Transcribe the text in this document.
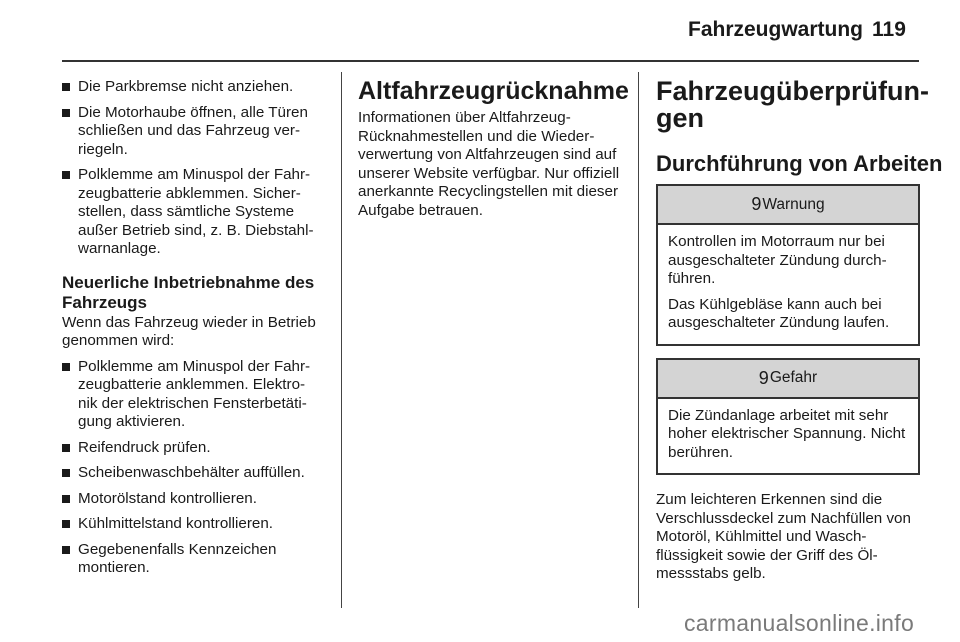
Fahrzeugwartung 119
Die Parkbremse nicht anziehen.
Die Motorhaube öffnen, alle Türen schließen und das Fahrzeug ver-riegeln.
Polklemme am Minuspol der Fahr-zeugbatterie abklemmen. Sicher-stellen, dass sämtliche Systeme außer Betrieb sind, z. B. Diebstahl-warnanlage.
Neuerliche Inbetriebnahme des Fahrzeugs

Wenn das Fahrzeug wieder in Betrieb genommen wird:

Polklemme am Minuspol der Fahr-zeugbatterie anklemmen. Elektro-nik der elektrischen Fensterbetäti-gung aktivieren.
Reifendruck prüfen.
Scheibenwaschbehälter auffüllen.
Motorölstand kontrollieren.
Kühlmittelstand kontrollieren.
Gegebenenfalls Kennzeichen montieren.
Altfahrzeugrücknahme

Informationen über Altfahrzeug-Rücknahmestellen und die Wieder-verwertung von Altfahrzeugen sind auf unserer Website verfügbar. Nur offiziell anerkannte Recyclingstellen mit dieser Aufgabe betrauen.

Fahrzeugüberprüfun-gen
Durchführung von Arbeiten
9 Warnung

Kontrollen im Motorraum nur bei ausgeschalteter Zündung durch-führen.

Das Kühlgebläse kann auch bei ausgeschalteter Zündung laufen.

9 Gefahr

Die Zündanlage arbeitet mit sehr hoher elektrischer Spannung. Nicht berühren.

Zum leichteren Erkennen sind die Verschlussdeckel zum Nachfüllen von Motoröl, Kühlmittel und Wasch-flüssigkeit sowie der Griff des Öl-messstabs gelb.

carmanualsonline.info
